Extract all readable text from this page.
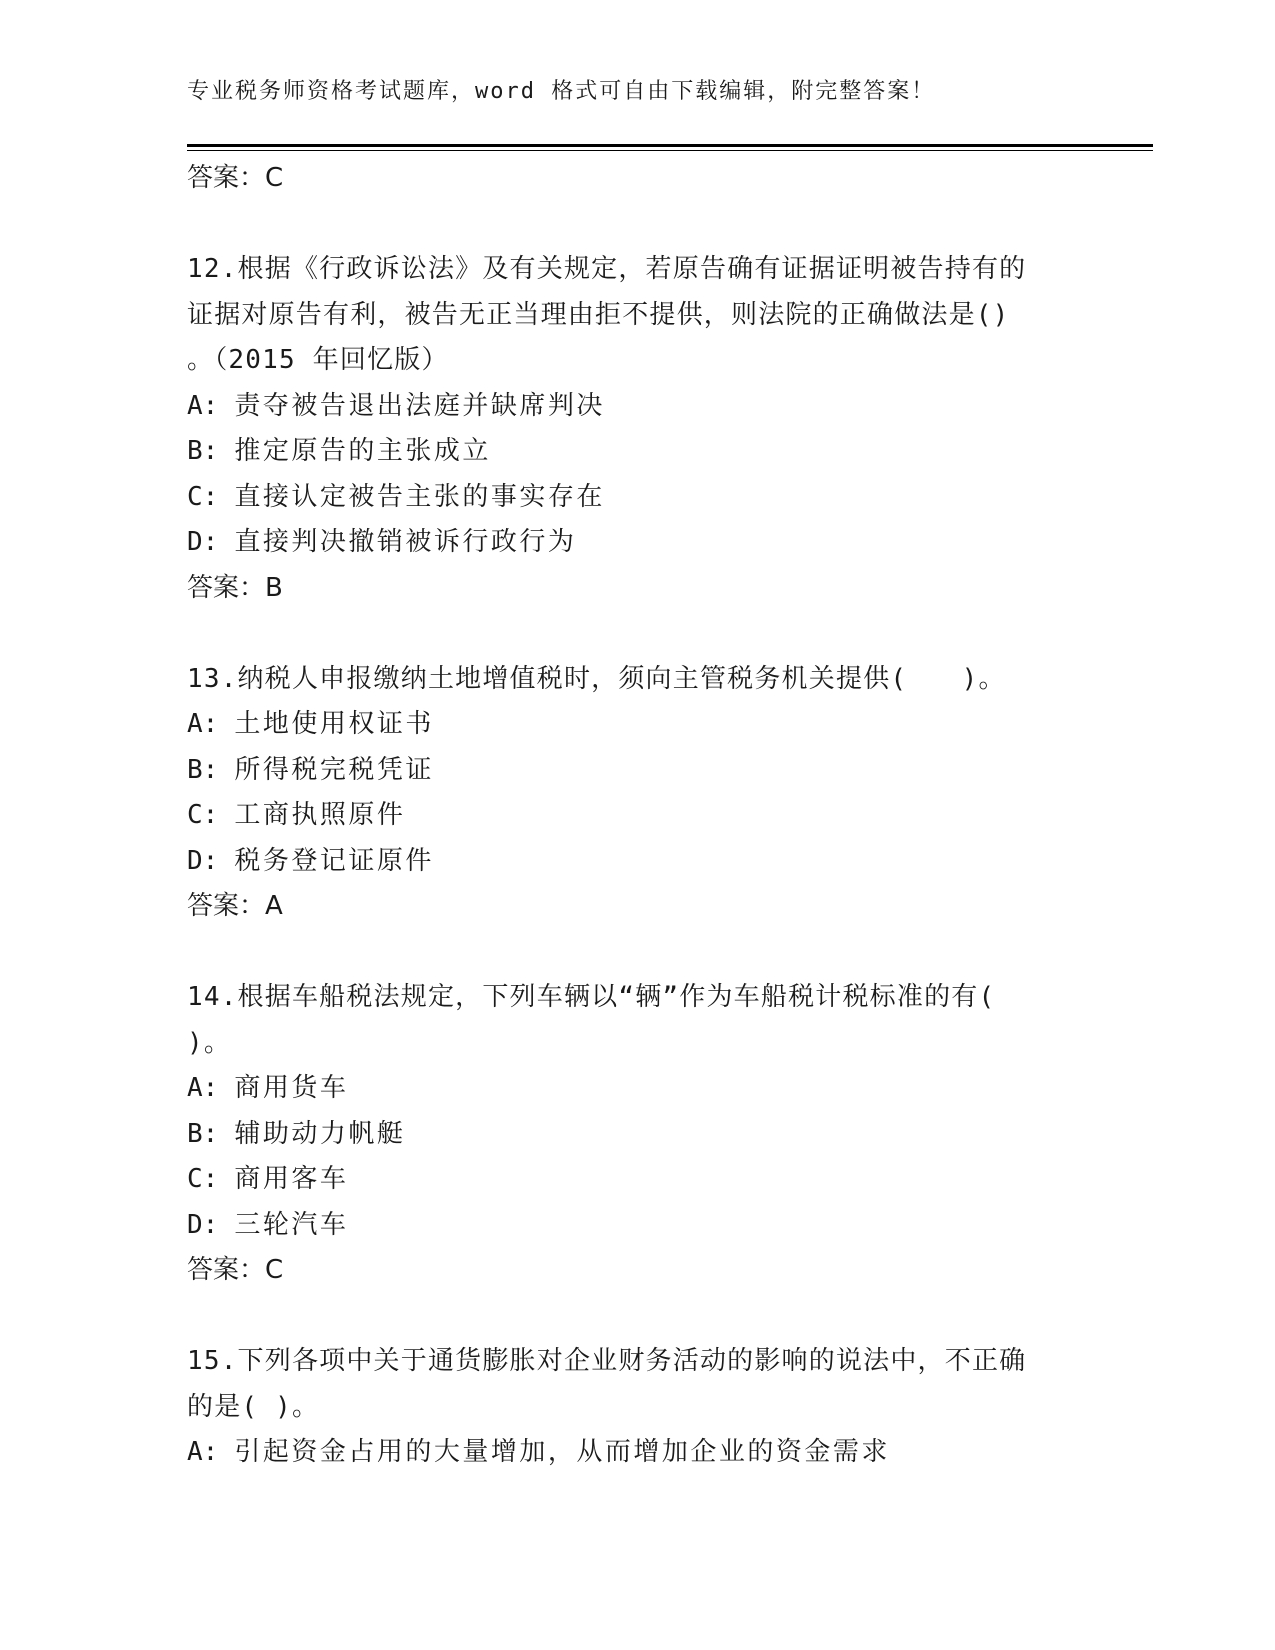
专业税务师资格考试题库，word 格式可自由下载编辑，附完整答案！
答案：C
12.根据《行政诉讼法》及有关规定，若原告确有证据证明被告持有的
证据对原告有利，被告无正当理由拒不提供，则法院的正确做法是()
。（2015 年回忆版）
A: 责夺被告退出法庭并缺席判决
B: 推定原告的主张成立
C: 直接认定被告主张的事实存在
D: 直接判决撤销被诉行政行为
答案：B
13.纳税人申报缴纳土地增值税时，须向主管税务机关提供(　　)。
A: 土地使用权证书
B: 所得税完税凭证
C: 工商执照原件
D: 税务登记证原件
答案：A
14.根据车船税法规定，下列车辆以“辆”作为车船税计税标准的有(
)。
A: 商用货车
B: 辅助动力帆艇
C: 商用客车
D: 三轮汽车
答案：C
15.下列各项中关于通货膨胀对企业财务活动的影响的说法中，不正确
的是( )。
A: 引起资金占用的大量增加，从而增加企业的资金需求
